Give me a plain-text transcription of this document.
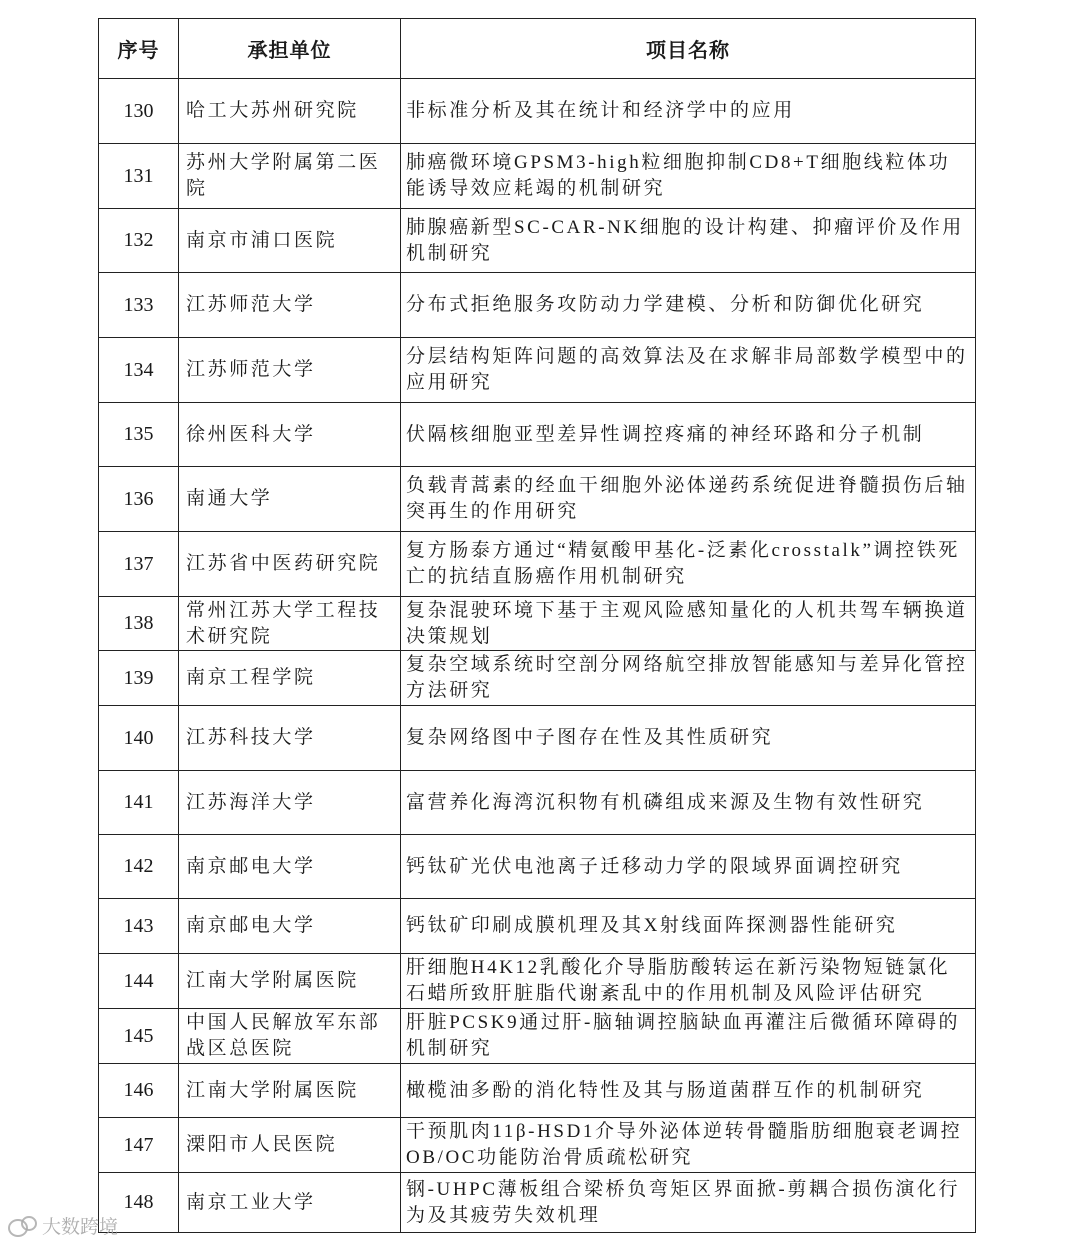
序号	承担单位	项目名称
130	哈工大苏州研究院	非标准分析及其在统计和经济学中的应用
131	苏州大学附属第二医院	肺癌微环境GPSM3-high粒细胞抑制CD8+T细胞线粒体功能诱导效应耗竭的机制研究
132	南京市浦口医院	肺腺癌新型SC-CAR-NK细胞的设计构建、抑瘤评价及作用机制研究
133	江苏师范大学	分布式拒绝服务攻防动力学建模、分析和防御优化研究
134	江苏师范大学	分层结构矩阵问题的高效算法及在求解非局部数学模型中的应用研究
135	徐州医科大学	伏隔核细胞亚型差异性调控疼痛的神经环路和分子机制
136	南通大学	负载青蒿素的经血干细胞外泌体递药系统促进脊髓损伤后轴突再生的作用研究
137	江苏省中医药研究院	复方肠泰方通过“精氨酸甲基化-泛素化crosstalk”调控铁死亡的抗结直肠癌作用机制研究
138	常州江苏大学工程技术研究院	复杂混驶环境下基于主观风险感知量化的人机共驾车辆换道决策规划
139	南京工程学院	复杂空域系统时空剖分网络航空排放智能感知与差异化管控方法研究
140	江苏科技大学	复杂网络图中子图存在性及其性质研究
141	江苏海洋大学	富营养化海湾沉积物有机磷组成来源及生物有效性研究
142	南京邮电大学	钙钛矿光伏电池离子迁移动力学的限域界面调控研究
143	南京邮电大学	钙钛矿印刷成膜机理及其X射线面阵探测器性能研究
144	江南大学附属医院	肝细胞H4K12乳酸化介导脂肪酸转运在新污染物短链氯化石蜡所致肝脏脂代谢紊乱中的作用机制及风险评估研究
145	中国人民解放军东部战区总医院	肝脏PCSK9通过肝-脑轴调控脑缺血再灌注后微循环障碍的机制研究
146	江南大学附属医院	橄榄油多酚的消化特性及其与肠道菌群互作的机制研究
147	溧阳市人民医院	干预肌肉11β-HSD1介导外泌体逆转骨髓脂肪细胞衰老调控OB/OC功能防治骨质疏松研究
148	南京工业大学	钢-UHPC薄板组合梁桥负弯矩区界面掀-剪耦合损伤演化行为及其疲劳失效机理
大数跨境
